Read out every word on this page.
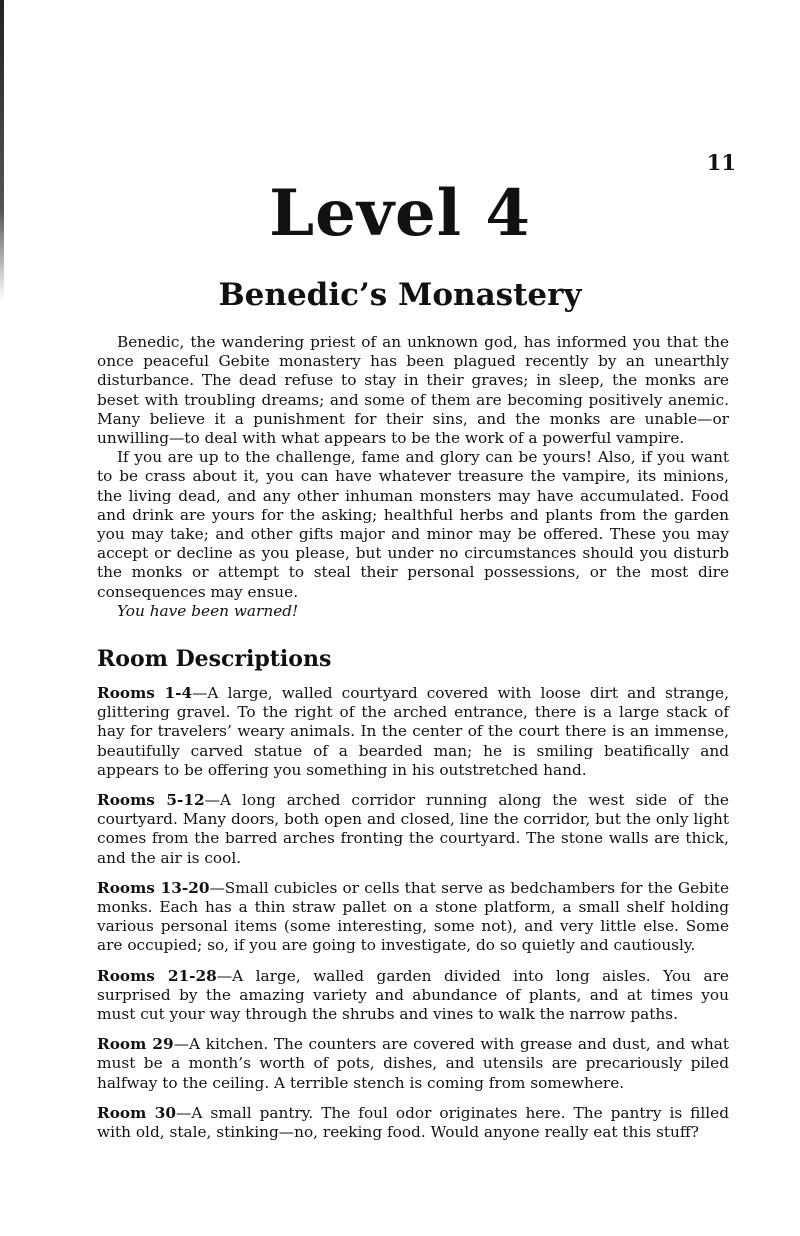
11
Level 4
Benedic’s Monastery

Benedic, the wandering priest of an unknown god, has informed you that the once peaceful Gebite monastery has been plagued recently by an unearthly disturbance. The dead refuse to stay in their graves; in sleep, the monks are beset with troubling dreams; and some of them are becoming positively anemic. Many believe it a punishment for their sins, and the monks are unable—or unwilling—to deal with what appears to be the work of a powerful vampire.

If you are up to the challenge, fame and glory can be yours! Also, if you want to be crass about it, you can have whatever treasure the vampire, its minions, the living dead, and any other inhuman monsters may have accumulated. Food and drink are yours for the asking; healthful herbs and plants from the garden you may take; and other gifts major and minor may be offered. These you may accept or decline as you please, but under no circumstances should you disturb the monks or attempt to steal their personal possessions, or the most dire consequences may ensue.

You have been warned!

Room Descriptions

Rooms 1-4—A large, walled courtyard covered with loose dirt and strange, glittering gravel. To the right of the arched entrance, there is a large stack of hay for travelers’ weary animals. In the center of the court there is an immense, beautifully carved statue of a bearded man; he is smiling beatifically and appears to be offering you something in his outstretched hand.

Rooms 5-12—A long arched corridor running along the west side of the courtyard. Many doors, both open and closed, line the corridor, but the only light comes from the barred arches fronting the courtyard. The stone walls are thick, and the air is cool.

Rooms 13-20—Small cubicles or cells that serve as bedchambers for the Gebite monks. Each has a thin straw pallet on a stone platform, a small shelf holding various personal items (some interesting, some not), and very little else. Some are occupied; so, if you are going to investigate, do so quietly and cautiously.

Rooms 21-28—A large, walled garden divided into long aisles. You are surprised by the amazing variety and abundance of plants, and at times you must cut your way through the shrubs and vines to walk the narrow paths.

Room 29—A kitchen. The counters are covered with grease and dust, and what must be a month’s worth of pots, dishes, and utensils are precariously piled halfway to the ceiling. A terrible stench is coming from somewhere.

Room 30—A small pantry. The foul odor originates here. The pantry is filled with old, stale, stinking—no, reeking food. Would anyone really eat this stuff?
